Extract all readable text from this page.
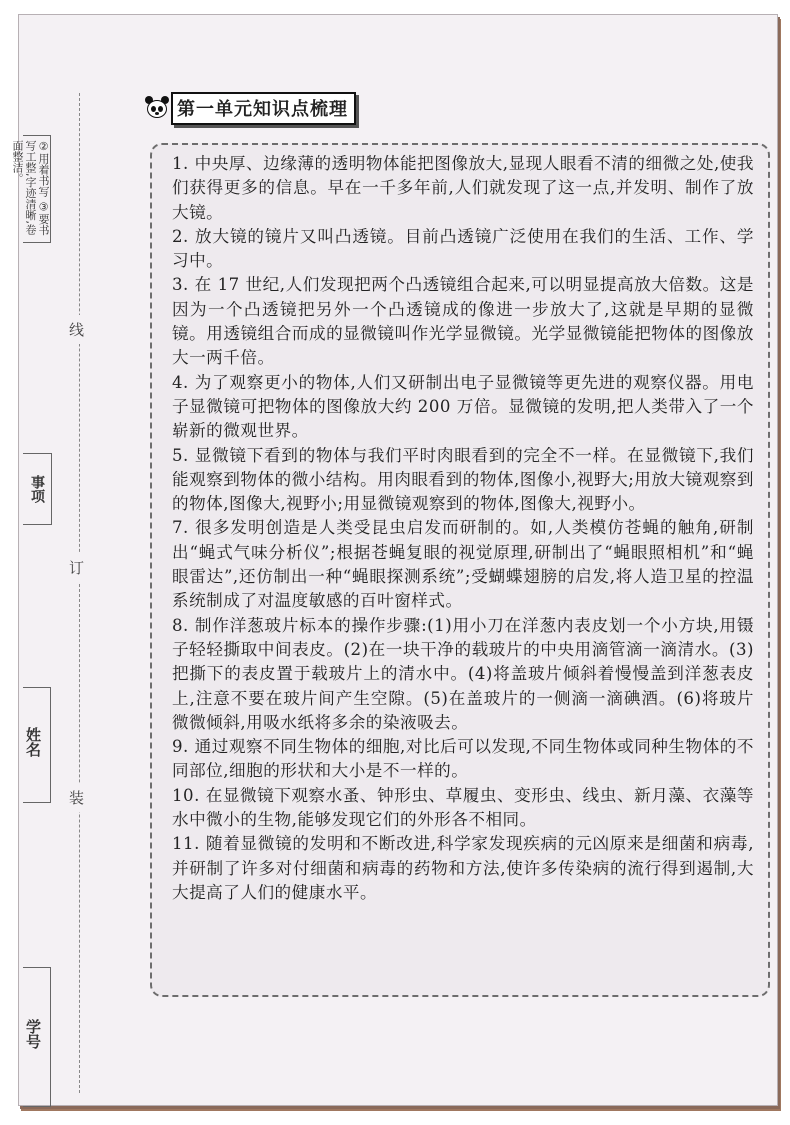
②用着书写 ③要书写工整,字迹清晰,卷面整洁。
事项
姓名
学号
线
订
装
第一单元知识点梳理

1. 中央厚、边缘薄的透明物体能把图像放大,显现人眼看不清的细微之处,使我们获得更多的信息。早在一千多年前,人们就发现了这一点,并发明、制作了放大镜。

2. 放大镜的镜片又叫凸透镜。目前凸透镜广泛使用在我们的生活、工作、学习中。

3. 在 17 世纪,人们发现把两个凸透镜组合起来,可以明显提高放大倍数。这是因为一个凸透镜把另外一个凸透镜成的像进一步放大了,这就是早期的显微镜。用透镜组合而成的显微镜叫作光学显微镜。光学显微镜能把物体的图像放大一两千倍。

4. 为了观察更小的物体,人们又研制出电子显微镜等更先进的观察仪器。用电子显微镜可把物体的图像放大约 200 万倍。显微镜的发明,把人类带入了一个崭新的微观世界。

5. 显微镜下看到的物体与我们平时肉眼看到的完全不一样。在显微镜下,我们能观察到物体的微小结构。用肉眼看到的物体,图像小,视野大;用放大镜观察到的物体,图像大,视野小;用显微镜观察到的物体,图像大,视野小。

7. 很多发明创造是人类受昆虫启发而研制的。如,人类模仿苍蝇的触角,研制出“蝇式气味分析仪”;根据苍蝇复眼的视觉原理,研制出了“蝇眼照相机”和“蝇眼雷达”,还仿制出一种“蝇眼探测系统”;受蝴蝶翅膀的启发,将人造卫星的控温系统制成了对温度敏感的百叶窗样式。

8. 制作洋葱玻片标本的操作步骤:(1)用小刀在洋葱内表皮划一个小方块,用镊子轻轻撕取中间表皮。(2)在一块干净的载玻片的中央用滴管滴一滴清水。(3)把撕下的表皮置于载玻片上的清水中。(4)将盖玻片倾斜着慢慢盖到洋葱表皮上,注意不要在玻片间产生空隙。(5)在盖玻片的一侧滴一滴碘酒。(6)将玻片微微倾斜,用吸水纸将多余的染液吸去。

9. 通过观察不同生物体的细胞,对比后可以发现,不同生物体或同种生物体的不同部位,细胞的形状和大小是不一样的。

10. 在显微镜下观察水蚤、钟形虫、草履虫、变形虫、线虫、新月藻、衣藻等水中微小的生物,能够发现它们的外形各不相同。

11. 随着显微镜的发明和不断改进,科学家发现疾病的元凶原来是细菌和病毒,并研制了许多对付细菌和病毒的药物和方法,使许多传染病的流行得到遏制,大大提高了人们的健康水平。
